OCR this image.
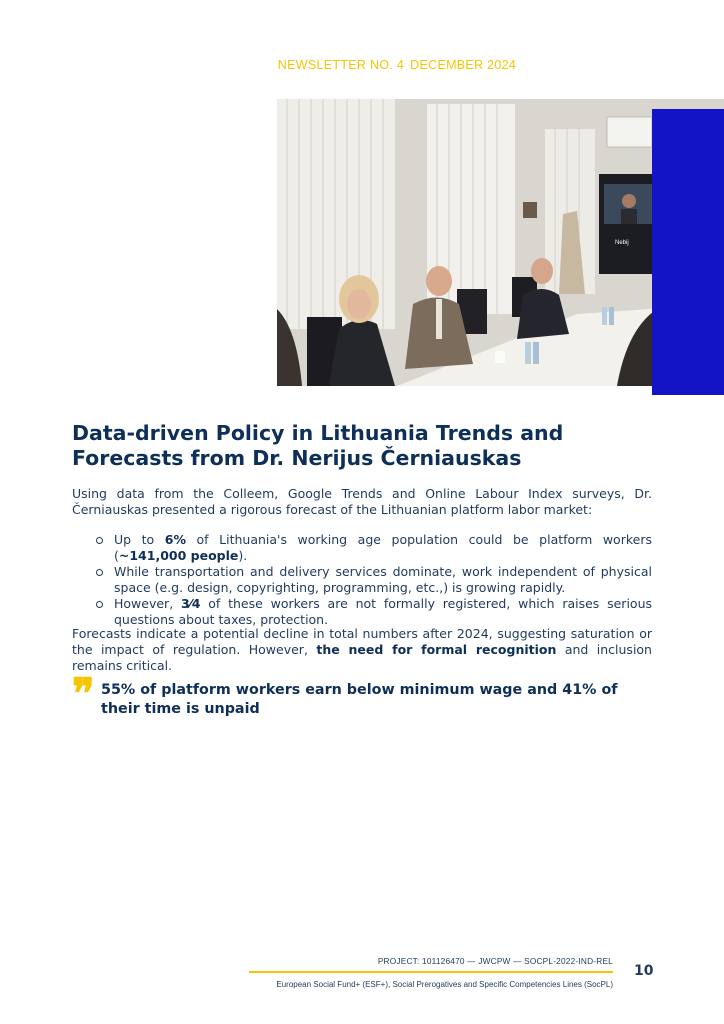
NEWSLETTER NO. 4 DECEMBER 2024
Nebij
Data-driven Policy in Lithuania Trends and
Forecasts from Dr. Nerijus Černiauskas

Using data from the Colleem, Google Trends and Online Labour Index surveys, Dr. Černiauskas presented a rigorous forecast of the Lithuanian platform labor market:

Up to 6% of Lithuania's working age population could be platform workers (~141,000 people).
While transportation and delivery services dominate, work independent of physical space (e.g. design, copyrighting, programming, etc.,) is growing rapidly.
However, 3⁄4 of these workers are not formally registered, which raises serious questions about taxes, protection.

Forecasts indicate a potential decline in total numbers after 2024, suggesting saturation or the impact of regulation. However, the need for formal recognition and inclusion remains critical.

❞ 55% of platform workers earn below minimum wage and 41% of their time is unpaid

PROJECT: 101126470 — JWCPW — SOCPL-2022-IND-REL
European Social Fund+ (ESF+), Social Prerogatives and Specific Competencies Lines (SocPL)
10
